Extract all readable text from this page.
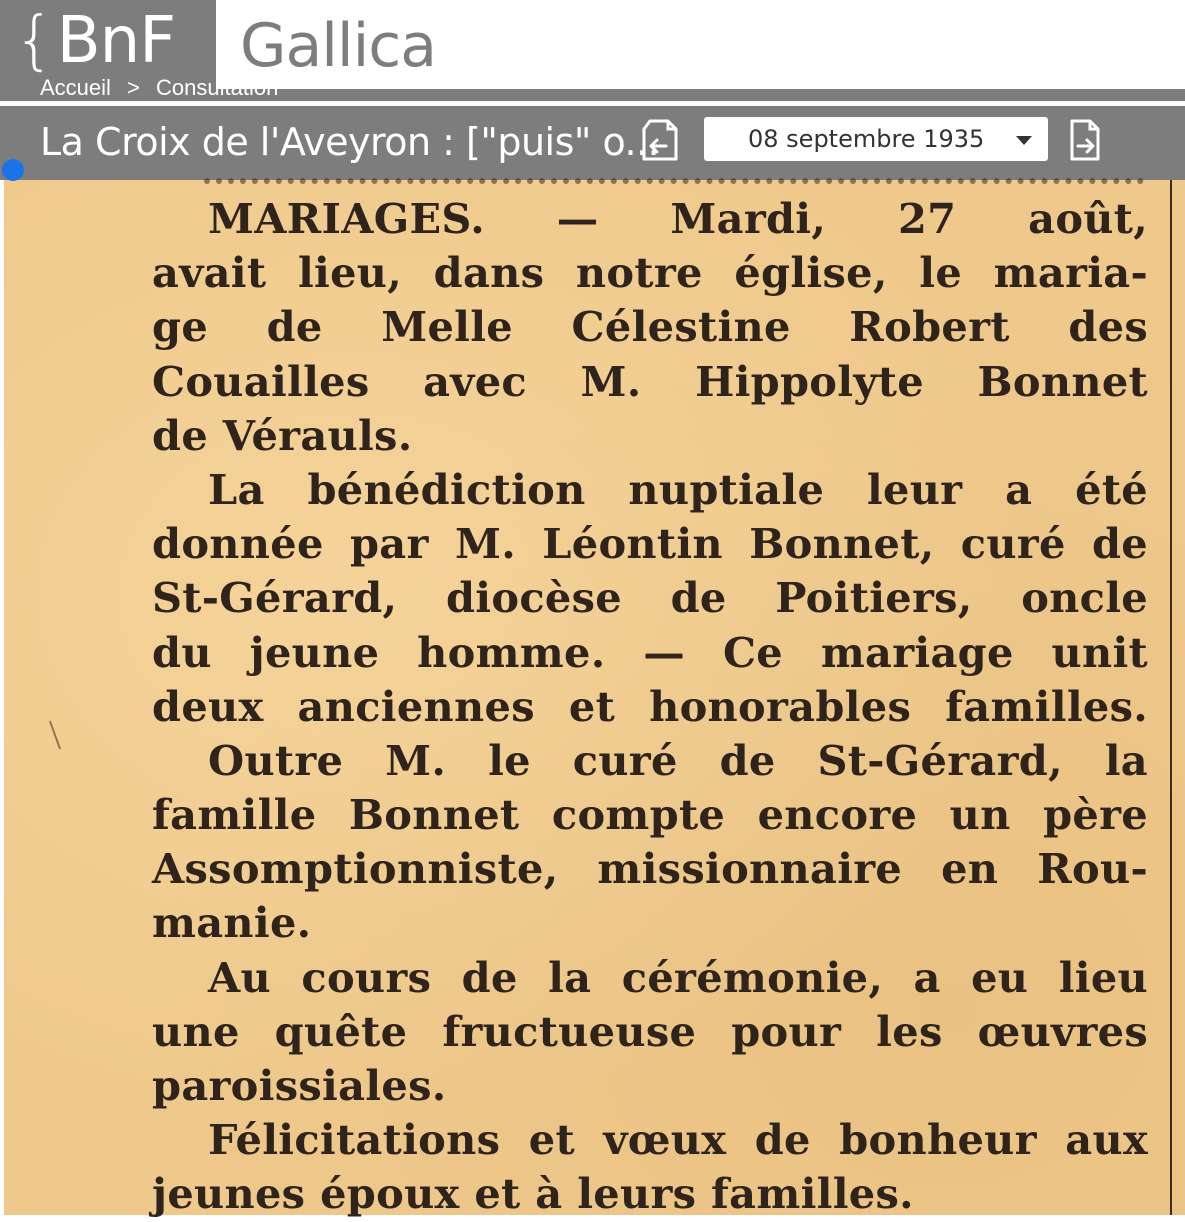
{ BnF Gallica
Accueil > Consultation
La Croix de l'Aveyron : ["puis" o...	08 septembre 1935
MARIAGES. — Mardi, 27 août,
avait lieu, dans notre église, le maria-
ge de Melle Célestine Robert des
Couailles avec M. Hippolyte Bonnet
de Vérauls.
La bénédiction nuptiale leur a été
donnée par M. Léontin Bonnet, curé de
St-Gérard, diocèse de Poitiers, oncle
du jeune homme. — Ce mariage unit
deux anciennes et honorables familles.
Outre M. le curé de St-Gérard, la
famille Bonnet compte encore un père
Assomptionniste, missionnaire en Rou-
manie.
Au cours de la cérémonie, a eu lieu
une quête fructueuse pour les œuvres
paroissiales.
Félicitations et vœux de bonheur aux
jeunes époux et à leurs familles.
